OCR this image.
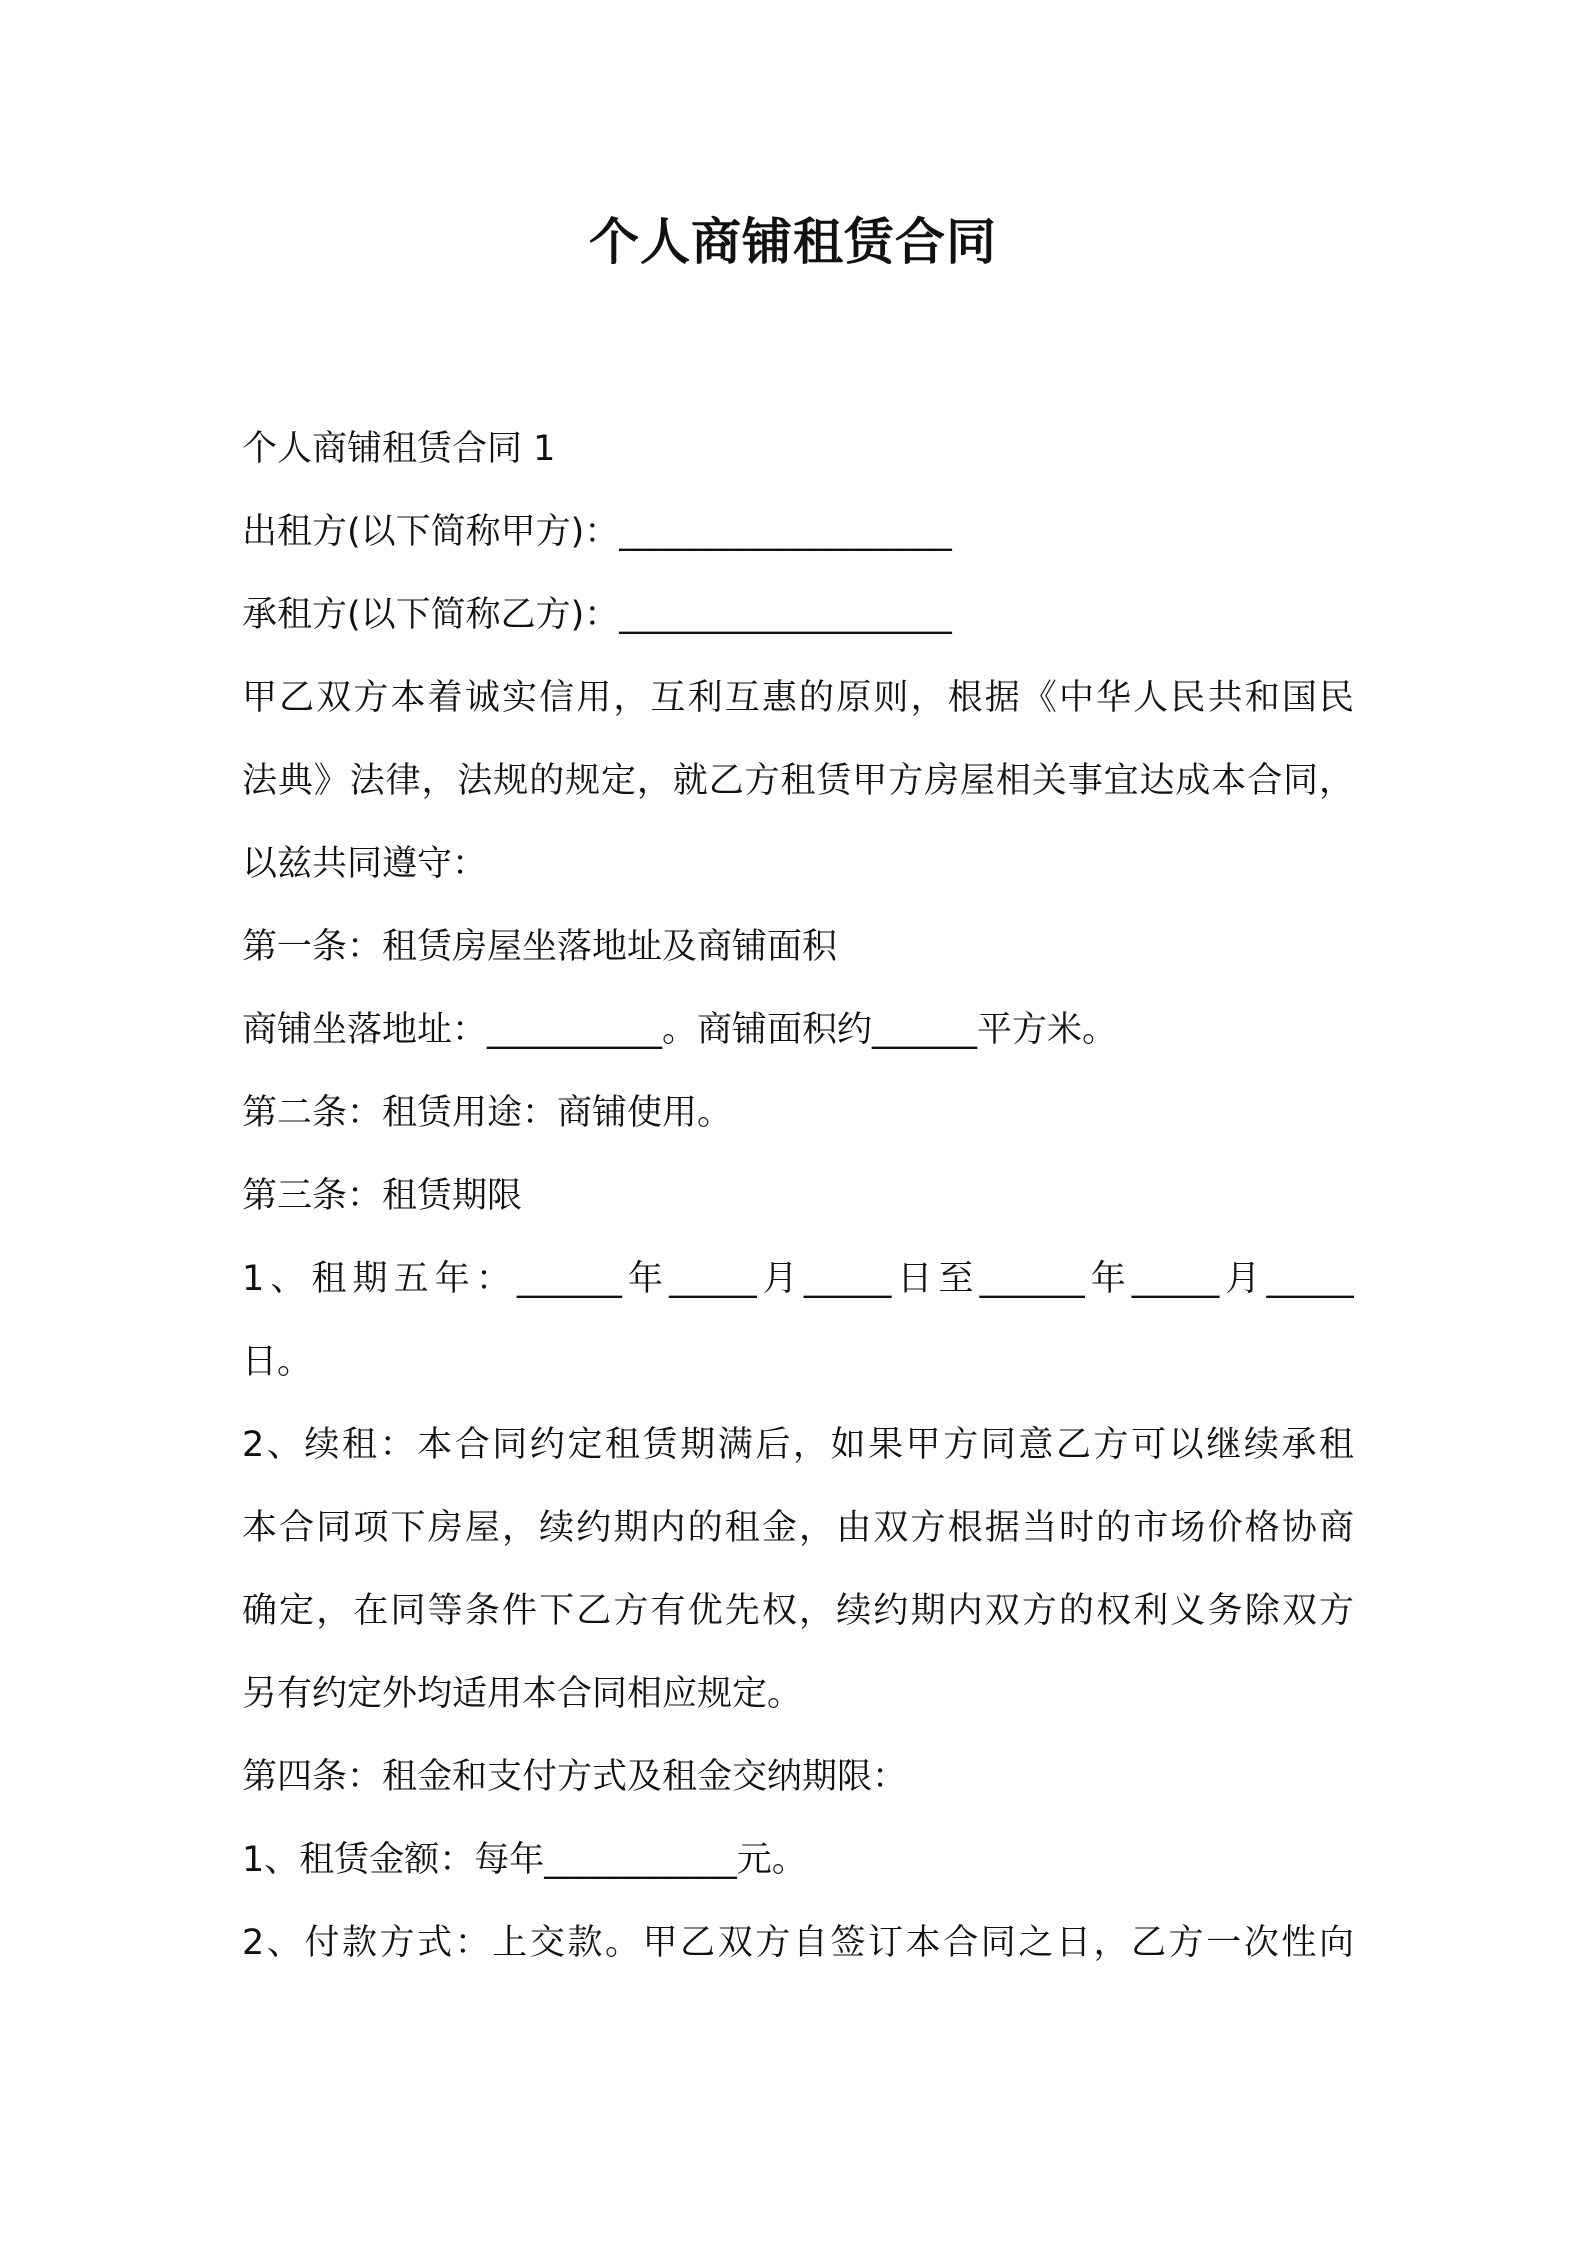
个人商铺租赁合同
个人商铺租赁合同 1
出租方(以下简称甲方)：___________________
承租方(以下简称乙方)：___________________
甲乙双方本着诚实信用，互利互惠的原则，根据《中华人民共和国民
法典》法律，法规的规定，就乙方租赁甲方房屋相关事宜达成本合同，
以兹共同遵守：
第一条：租赁房屋坐落地址及商铺面积
商铺坐落地址：__________。商铺面积约______平方米。
第二条：租赁用途：商铺使用。
第三条：租赁期限
1、租期五年：______年_____月_____日至______年_____月_____
日。
2、续租：本合同约定租赁期满后，如果甲方同意乙方可以继续承租
本合同项下房屋，续约期内的租金，由双方根据当时的市场价格协商
确定，在同等条件下乙方有优先权，续约期内双方的权利义务除双方
另有约定外均适用本合同相应规定。
第四条：租金和支付方式及租金交纳期限：
1、租赁金额：每年___________元。
2、付款方式：上交款。甲乙双方自签订本合同之日，乙方一次性向
